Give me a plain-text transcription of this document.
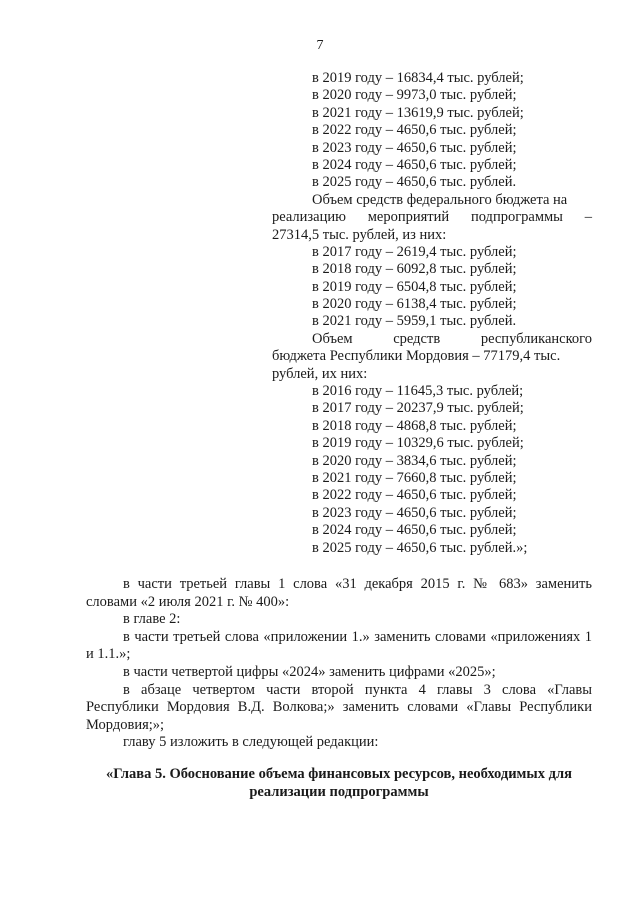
7
в 2019 году – 16834,4 тыс. рублей;
в 2020 году – 9973,0 тыс. рублей;
в 2021 году – 13619,9 тыс. рублей;
в 2022 году – 4650,6 тыс. рублей;
в 2023 году – 4650,6 тыс. рублей;
в 2024 году – 4650,6 тыс. рублей;
в 2025 году – 4650,6 тыс. рублей.
Объем средств федерального бюджета на
реализацию мероприятий подпрограммы –
27314,5 тыс. рублей, из них:
в 2017 году – 2619,4 тыс. рублей;
в 2018 году – 6092,8 тыс. рублей;
в 2019 году – 6504,8 тыс. рублей;
в 2020 году – 6138,4 тыс. рублей;
в 2021 году – 5959,1 тыс. рублей.
Объем средств республиканского
бюджета Республики Мордовия – 77179,4 тыс.
рублей, их них:
в 2016 году – 11645,3 тыс. рублей;
в 2017 году – 20237,9 тыс. рублей;
в 2018 году – 4868,8 тыс. рублей;
в 2019 году – 10329,6 тыс. рублей;
в 2020 году – 3834,6 тыс. рублей;
в 2021 году – 7660,8 тыс. рублей;
в 2022 году – 4650,6 тыс. рублей;
в 2023 году – 4650,6 тыс. рублей;
в 2024 году – 4650,6 тыс. рублей;
в 2025 году – 4650,6 тыс. рублей.»;

в части третьей главы 1 слова «31 декабря 2015 г. № 683» заменить словами «2 июля 2021 г. № 400»:

в главе 2:

в части третьей слова «приложении 1.» заменить словами «приложениях 1 и 1.1.»;

в части четвертой цифры «2024» заменить цифрами «2025»;

в абзаце четвертом части второй пункта 4 главы 3 слова «Главы Республики Мордовия В.Д. Волкова;» заменить словами «Главы Республики Мордовия;»;

главу 5 изложить в следующей редакции:

«Глава 5. Обоснование объема финансовых ресурсов, необходимых для
реализации подпрограммы
